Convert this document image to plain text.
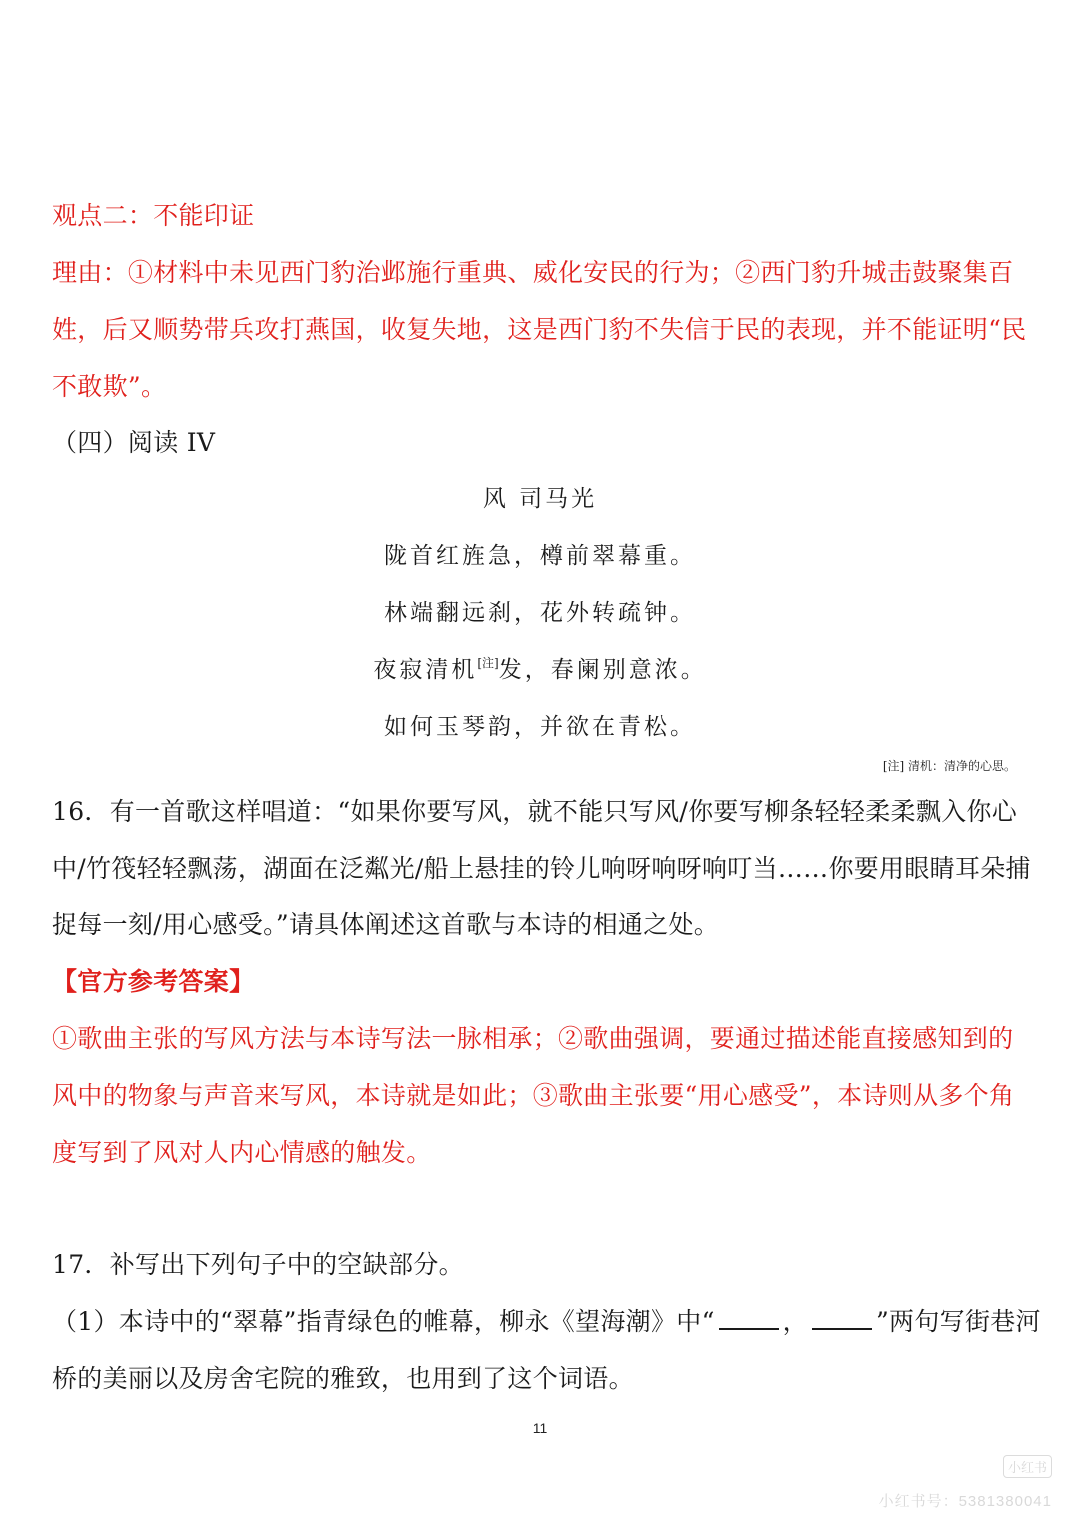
观点二：不能印证
理由：①材料中未见西门豹治邺施行重典、威化安民的行为；②西门豹升城击鼓聚集百
姓，后又顺势带兵攻打燕国，收复失地，这是西门豹不失信于民的表现，并不能证明“民
不敢欺”。
（四）阅读 IV
风 司马光
陇首红旌急，樽前翠幕重。
林端翻远刹，花外转疏钟。
夜寂清机[注]发，春阑别意浓。
如何玉琴韵，并欲在青松。
[注] 清机：清净的心思。
16．有一首歌这样唱道：“如果你要写风，就不能只写风/你要写柳条轻轻柔柔飘入你心
中/竹筏轻轻飘荡，湖面在泛粼光/船上悬挂的铃儿响呀响呀响叮当……你要用眼睛耳朵捕
捉每一刻/用心感受。”请具体阐述这首歌与本诗的相通之处。
【官方参考答案】
①歌曲主张的写风方法与本诗写法一脉相承；②歌曲强调，要通过描述能直接感知到的
风中的物象与声音来写风，本诗就是如此；③歌曲主张要“用心感受”，本诗则从多个角
度写到了风对人内心情感的触发。
17．补写出下列句子中的空缺部分。
（1）本诗中的“翠幕”指青绿色的帷幕，柳永《望海潮》中“	，	”两句写街巷河
桥的美丽以及房舍宅院的雅致，也用到了这个词语。
11
小红书
小红书号：5381380041
